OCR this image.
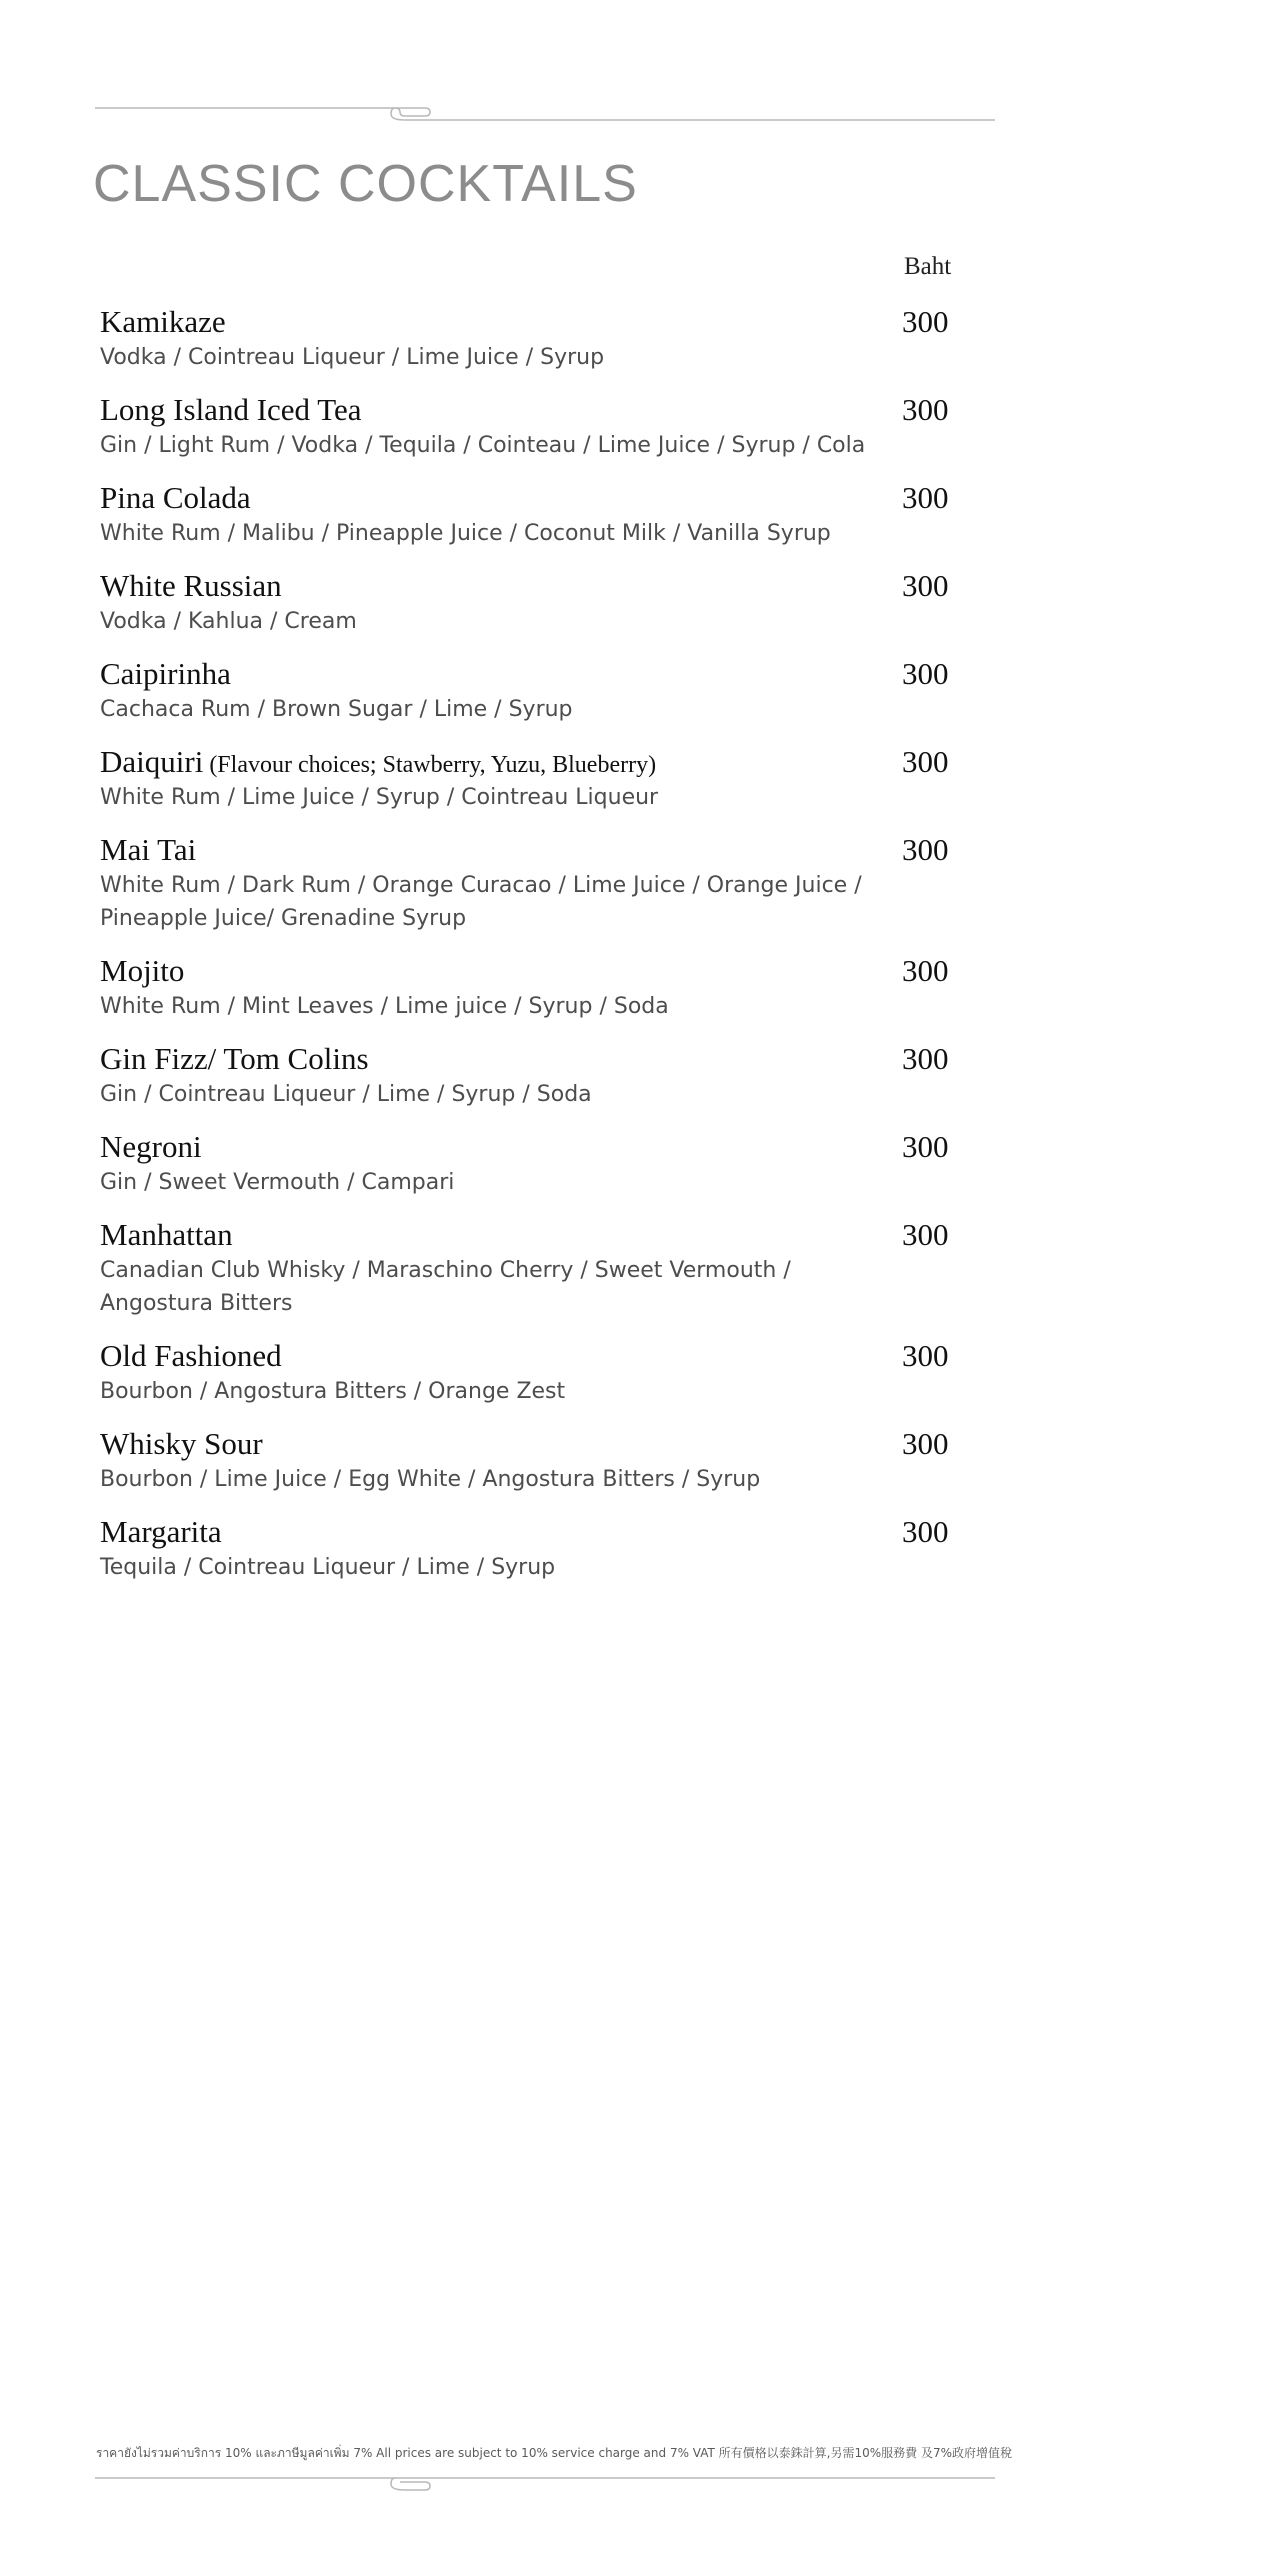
CLASSIC COCKTAILS
Baht
Kamikaze	300

Vodka / Cointreau Liqueur / Lime Juice / Syrup

Long Island Iced Tea	300

Gin / Light Rum / Vodka / Tequila / Cointeau / Lime Juice / Syrup / Cola

Pina Colada	300

White Rum / Malibu / Pineapple Juice / Coconut Milk / Vanilla Syrup

White Russian	300

Vodka / Kahlua / Cream

Caipirinha	300

Cachaca Rum / Brown Sugar / Lime / Syrup

Daiquiri (Flavour choices; Stawberry, Yuzu, Blueberry)	300

White Rum / Lime Juice / Syrup / Cointreau Liqueur

Mai Tai	300

White Rum / Dark Rum / Orange Curacao / Lime Juice / Orange Juice / Pineapple Juice/ Grenadine Syrup

Mojito	300

White Rum / Mint Leaves / Lime juice / Syrup / Soda

Gin Fizz/ Tom Colins	300

Gin / Cointreau Liqueur / Lime / Syrup / Soda

Negroni	300

Gin / Sweet Vermouth / Campari

Manhattan	300

Canadian Club Whisky / Maraschino Cherry / Sweet Vermouth / Angostura Bitters

Old Fashioned	300

Bourbon / Angostura Bitters / Orange Zest

Whisky Sour	300

Bourbon / Lime Juice / Egg White / Angostura Bitters / Syrup

Margarita	300

Tequila / Cointreau Liqueur / Lime / Syrup

ราคายังไม่รวมค่าบริการ 10% และภาษีมูลค่าเพิ่ม 7% All prices are subject to 10% service charge and 7% VAT 所有價格以泰銖計算,另需10%服務費 及7%政府增值稅
